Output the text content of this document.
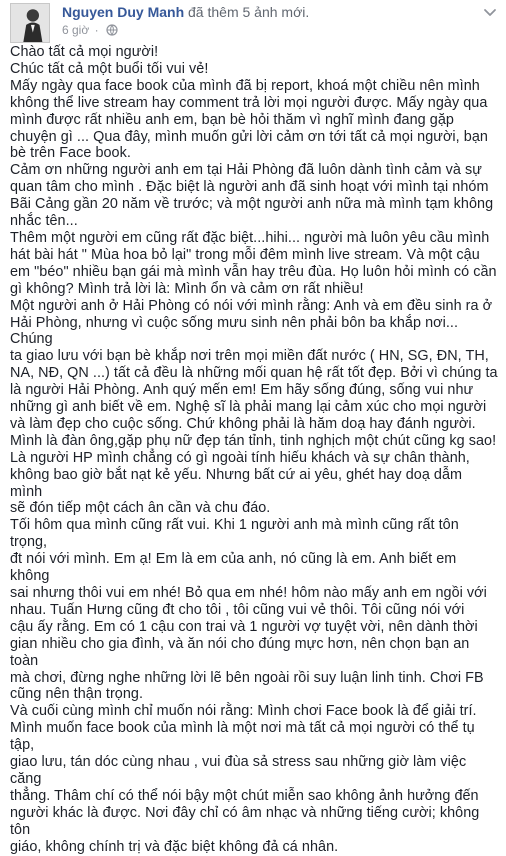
Nguyen Duy Manh đã thêm 5 ảnh mới.
6 giờ ·

Chào tất cả mọi người!

Chúc tất cả một buổi tối vui vẻ!

Mấy ngày qua face book của mình đã bị report, khoá một chiều nên mình

không thể live stream hay comment trả lời mọi người được. Mấy ngày qua

mình được rất nhiều anh em, bạn bè hỏi thăm vì nghĩ mình đang gặp

chuyện gì ... Qua đây, mình muốn gửi lời cảm ơn tới tất cả mọi người, bạn

bè trên Face book.

Cảm ơn những người anh em tại Hải Phòng đã luôn dành tình cảm và sự

quan tâm cho mình . Đặc biệt là người anh đã sinh hoạt với mình tại nhóm

Bãi Cảng gần 20 năm về trước; và một người anh nữa mà mình tạm không

nhắc tên...

Thêm một người em cũng rất đặc biệt...hihi... người mà luôn yêu cầu mình

hát bài hát " Mùa hoa bỏ lại" trong mỗi đêm mình live stream. Và một cậu

em "béo" nhiều bạn gái mà mình vẫn hay trêu đùa. Họ luôn hỏi mình có cần

gì không? Mình trả lời là: Mình ổn và cảm ơn rất nhiều!

Một người anh ở Hải Phòng có nói với mình rằng: Anh và em đều sinh ra ở

Hải Phòng, nhưng vì cuộc sống mưu sinh nên phải bôn ba khắp nơi... Chúng

ta giao lưu với bạn bè khắp nơi trên mọi miền đất nước ( HN, SG, ĐN, TH,

NA, NĐ, QN ...) tất cả đều là những mối quan hệ rất tốt đẹp. Bởi vì chúng ta

là người Hải Phòng. Anh quý mến em! Em hãy sống đúng, sống vui như

những gì anh biết về em. Nghệ sĩ là phải mang lại cảm xúc cho mọi người

và làm đẹp cho cuộc sống. Chứ không phải là hăm doạ hay đánh người.

Mình là đàn ông,gặp phụ nữ đẹp tán tỉnh, tinh nghịch một chút cũng kg sao!

Là người HP mình chẳng có gì ngoài tính hiếu khách và sự chân thành,

không bao giờ bắt nạt kẻ yếu. Nhưng bất cứ ai yêu, ghét hay doạ dẫm mình

sẽ đón tiếp một cách ân cần và chu đáo.

Tối hôm qua mình cũng rất vui. Khi 1 người anh mà mình cũng rất tôn trọng,

đt nói với mình. Em ạ! Em là em của anh, nó cũng là em. Anh biết em không

sai nhưng thôi vui em nhé! Bỏ qua em nhé! hôm nào mấy anh em ngồi với

nhau. Tuấn Hưng cũng đt cho tôi , tôi cũng vui vẻ thôi. Tôi cũng nói với

cậu ấy rằng. Em có 1 cậu con trai và 1 người vợ tuyệt vời, nên dành thời

gian nhiều cho gia đình, và ăn nói cho đúng mực hơn, nên chọn bạn an toàn

mà chơi, đừng nghe những lời lẽ bên ngoài rồi suy luận linh tinh. Chơi FB

cũng nên thận trọng.

Và cuối cùng mình chỉ muốn nói rằng: Mình chơi Face book là để giải trí.

Mình muốn face book của mình là một nơi mà tất cả mọi người có thể tụ tập,

giao lưu, tán dóc cùng nhau , vui đùa sả stress sau những giờ làm việc căng

thẳng. Thâm chí có thể nói bậy một chút miễn sao không ảnh hưởng đến

người khác là được. Nơi đây chỉ có âm nhạc và những tiếng cười; không tôn

giáo, không chính trị và đặc biệt không đả cá nhân.
